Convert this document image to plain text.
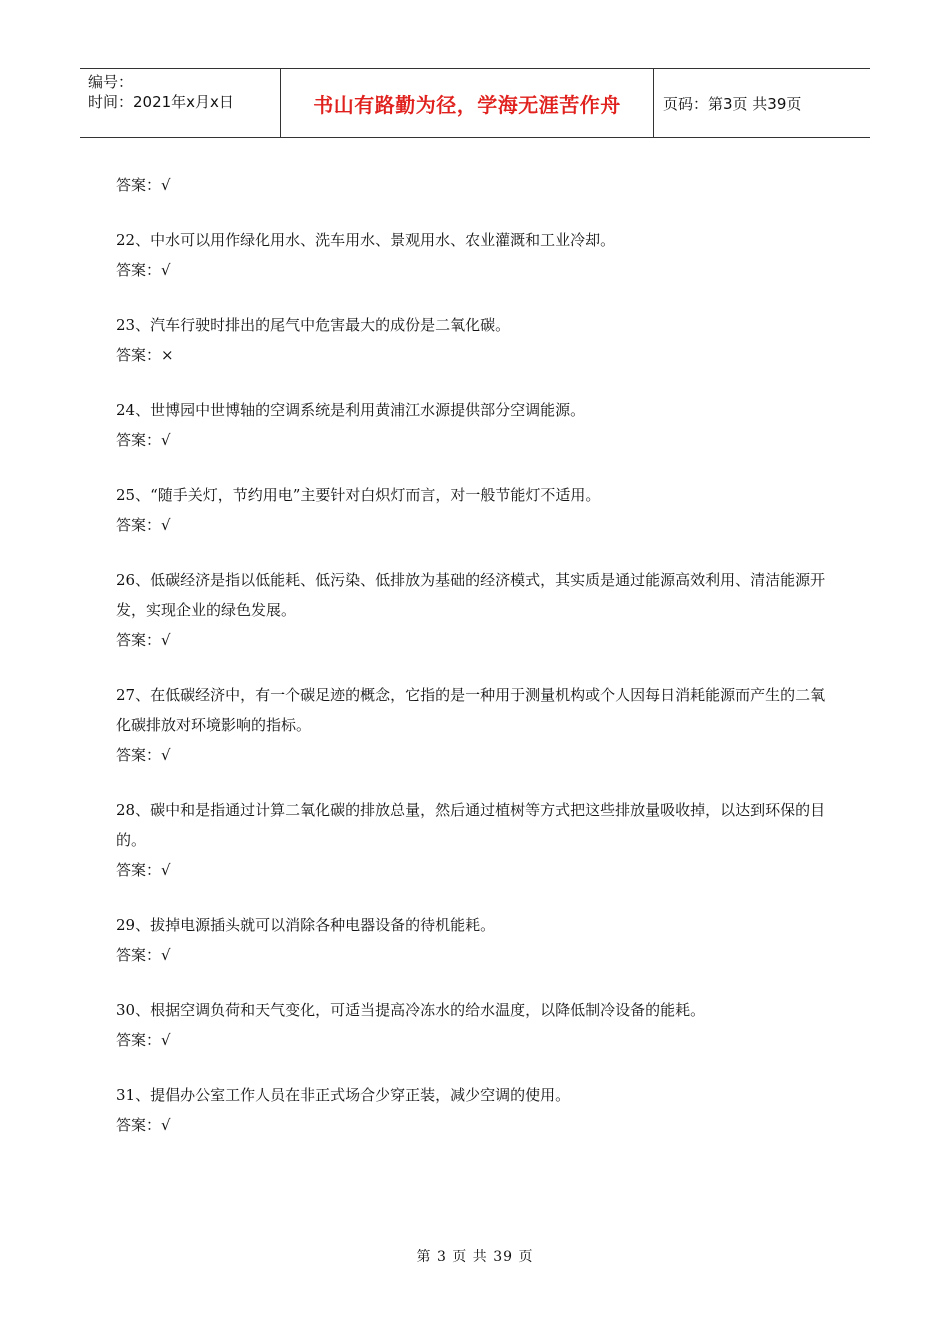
编号：
时间：2021年x月x日	书山有路勤为径，学海无涯苦作舟	页码：第3页 共39页

答案：√

22、中水可以用作绿化用水、洗车用水、景观用水、农业灌溉和工业冷却。

答案：√

23、汽车行驶时排出的尾气中危害最大的成份是二氧化碳。

答案：×

24、世博园中世博轴的空调系统是利用黄浦江水源提供部分空调能源。

答案：√

25、“随手关灯，节约用电”主要针对白炽灯而言，对一般节能灯不适用。

答案：√

26、低碳经济是指以低能耗、低污染、低排放为基础的经济模式，其实质是通过能源高效利用、清洁能源开发，实现企业的绿色发展。

答案：√

27、在低碳经济中，有一个碳足迹的概念，它指的是一种用于测量机构或个人因每日消耗能源而产生的二氧化碳排放对环境影响的指标。

答案：√

28、碳中和是指通过计算二氧化碳的排放总量，然后通过植树等方式把这些排放量吸收掉，以达到环保的目的。

答案：√

29、拔掉电源插头就可以消除各种电器设备的待机能耗。

答案：√

30、根据空调负荷和天气变化，可适当提高冷冻水的给水温度，以降低制冷设备的能耗。

答案：√

31、提倡办公室工作人员在非正式场合少穿正装，减少空调的使用。

答案：√

第 3 页 共 39 页
